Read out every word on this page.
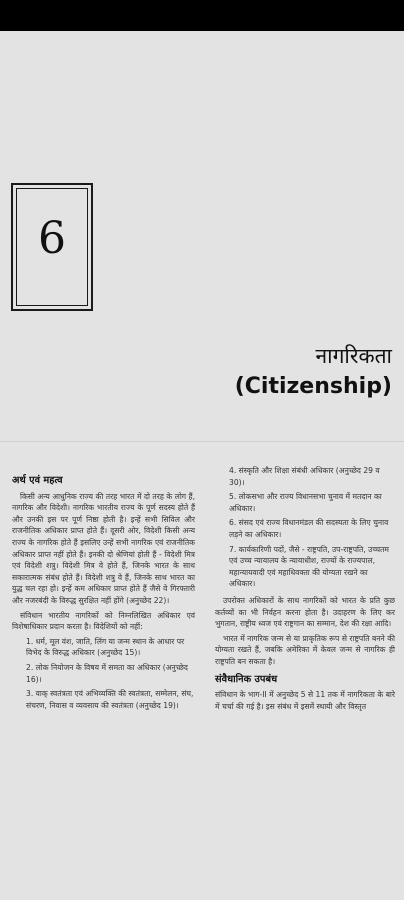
6
नागरिकता
(Citizenship)
अर्थ एवं महत्व

किसी अन्य आधुनिक राज्य की तरह भारत में दो तरह के लोग हैं, नागरिक और विदेशी। नागरिक भारतीय राज्य के पूर्ण सदस्य होते हैं और उनकी इस पर पूर्ण निष्ठा होती है। इन्हें सभी सिविल और राजनीतिक अधिकार प्राप्त होते हैं। दूसरी ओर, विदेशी किसी अन्य राज्य के नागरिक होते हैं इसलिए उन्हें सभी नागरिक एवं राजनीतिक अधिकार प्राप्त नहीं होते हैं। इनकी दो श्रेणियां होती हैं - विदेशी मित्र एवं विदेशी शत्रु। विदेशी मित्र वे होते हैं, जिनके भारत के साथ सकारात्मक संबंध होते हैं। विदेशी शत्रु वे हैं, जिनके साथ भारत का युद्ध चल रहा हो। इन्हें कम अधिकार प्राप्त होते हैं जैसे वे गिरफ्तारी और नजरबंदी के विरुद्ध सुरक्षित नहीं होंगे (अनुच्छेद 22)।

संविधान भारतीय नागरिकों को निम्नलिखित अधिकार एवं विशेषाधिकार प्रदान करता है। विदेशियों को नहीं:

1. धर्म, मूल वंश, जाति, लिंग या जन्म स्थान के आधार पर विभेद के विरुद्ध अधिकार (अनुच्छेद 15)।
2. लोक नियोजन के विषय में समता का अधिकार (अनुच्छेद 16)।
3. वाक् स्वतंत्रता एवं अभिव्यक्ति की स्वतंत्रता, सम्मेलन, संघ, संचरण, निवास व व्यवसाय की स्वतंत्रता (अनुच्छेद 19)।
4. संस्कृति और शिक्षा संबंधी अधिकार (अनुच्छेद 29 व 30)।
5. लोकसभा और राज्य विधानसभा चुनाव में मतदान का अधिकार।
6. संसद एवं राज्य विधानमंडल की सदस्यता के लिए चुनाव लड़ने का अधिकार।
7. कार्यकारिणी पदों, जैसे - राष्ट्रपति, उप-राष्ट्रपति, उच्चतम एवं उच्च न्यायालय के न्यायाधीश, राज्यों के राज्यपाल, महान्यायवादी एवं महाधिवक्ता की योग्यता रखने का अधिकार।

उपरोक्त अधिकारों के साथ नागरिकों को भारत के प्रति कुछ कर्तव्यों का भी निर्वहन करना होता है। उदाहरण के लिए कर भुगतान, राष्ट्रीय ध्वज एवं राष्ट्रगान का सम्मान, देश की रक्षा आदि।

भारत में नागरिक जन्म से या प्राकृतिक रूप से राष्ट्रपति बनने की योग्यता रखते हैं, जबकि अमेरिका में केवल जन्म से नागरिक ही राष्ट्रपति बन सकता है।

संवैधानिक उपबंध

संविधान के भाग-II में अनुच्छेद 5 से 11 तक में नागरिकता के बारे में चर्चा की गई है। इस संबंध में इसमें स्थायी और विस्तृत
